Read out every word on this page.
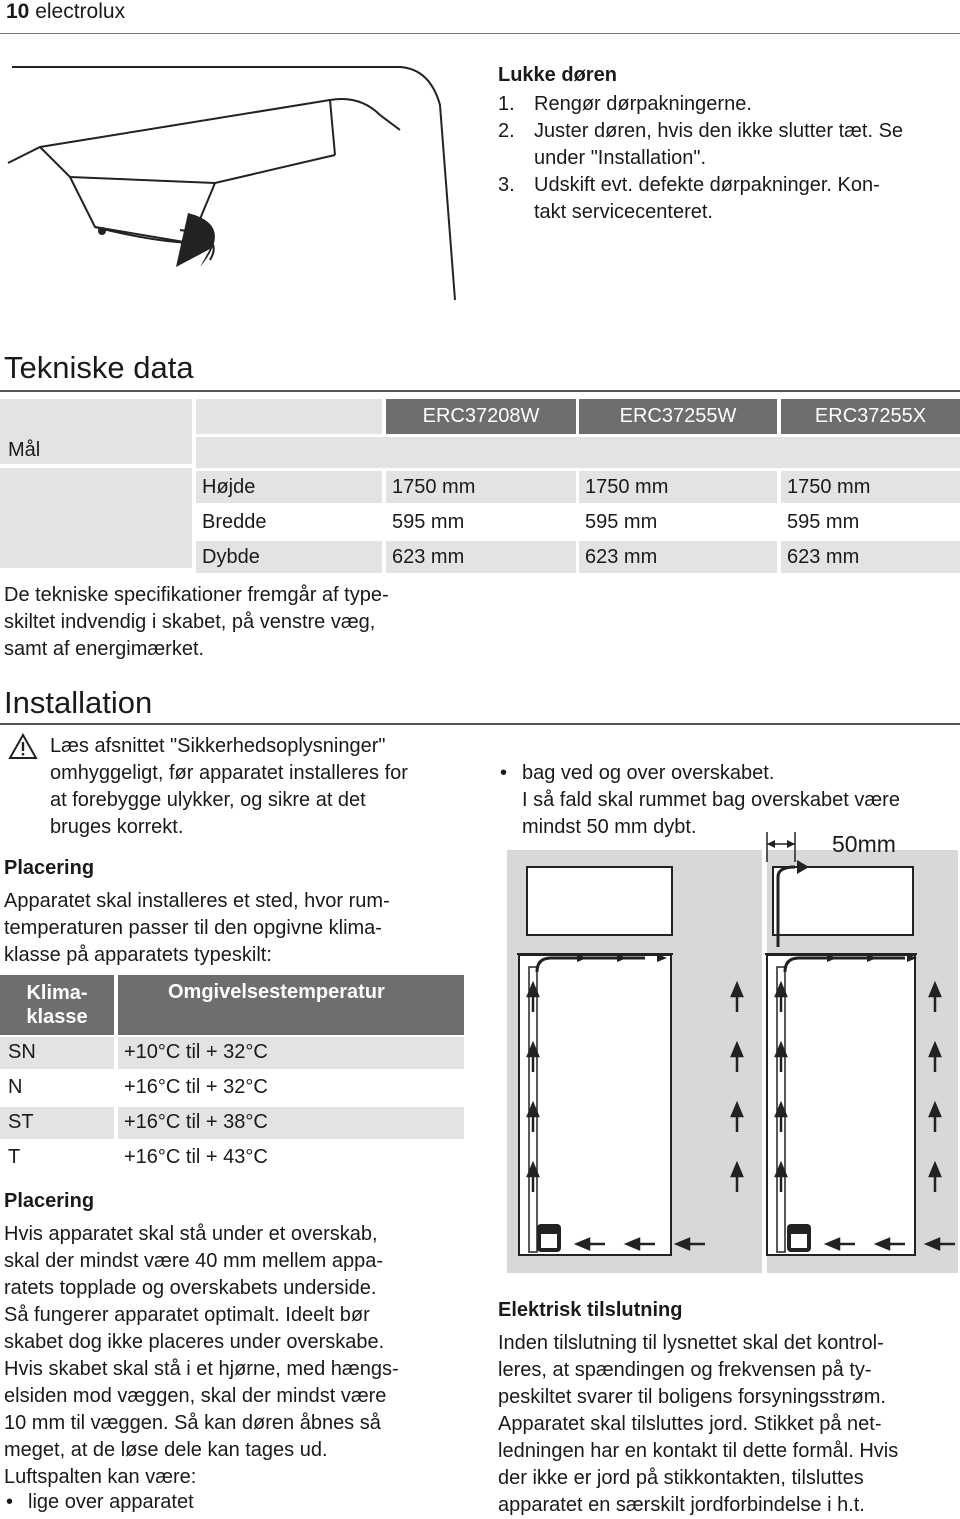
10 electrolux
Lukke døren
1. Rengør dørpakningerne.
2. Juster døren, hvis den ikke slutter tæt. Se
under "Installation".
3. Udskift evt. defekte dørpakninger. Kon-
takt servicecenteret.
Tekniske data
Mål
ERC37208W	ERC37255W	ERC37255X
Højde	1750 mm	1750 mm	1750 mm
Bredde	595 mm	595 mm	595 mm
Dybde	623 mm	623 mm	623 mm
De tekniske specifikationer fremgår af type-
skiltet indvendig i skabet, på venstre væg,
samt af energimærket.
Installation
Læs afsnittet "Sikkerhedsoplysninger"
omhyggeligt, før apparatet installeres for
at forebygge ulykker, og sikre at det
bruges korrekt.
Placering
Apparatet skal installeres et sted, hvor rum-
temperaturen passer til den opgivne klima-
klasse på apparatets typeskilt:
Klima-
klasse
Omgivelsestemperatur
SN	+10°C til + 32°C
N	+16°C til + 32°C
ST	+16°C til + 38°C
T	+16°C til + 43°C
Placering
Hvis apparatet skal stå under et overskab,
skal der mindst være 40 mm mellem appa-
ratets topplade og overskabets underside.
Så fungerer apparatet optimalt. Ideelt bør
skabet dog ikke placeres under overskabe.
Hvis skabet skal stå i et hjørne, med hængs-
elsiden mod væggen, skal der mindst være
10 mm til væggen. Så kan døren åbnes så
meget, at de løse dele kan tages ud.
Luftspalten kan være:
• lige over apparatet
• bag ved og over overskabet.
I så fald skal rummet bag overskabet være
mindst 50 mm dybt.
50mm
Elektrisk tilslutning
Inden tilslutning til lysnettet skal det kontrol-
leres, at spændingen og frekvensen på ty-
peskiltet svarer til boligens forsyningsstrøm.
Apparatet skal tilsluttes jord. Stikket på net-
ledningen har en kontakt til dette formål. Hvis
der ikke er jord på stikkontakten, tilsluttes
apparatet en særskilt jordforbindelse i h.t.
